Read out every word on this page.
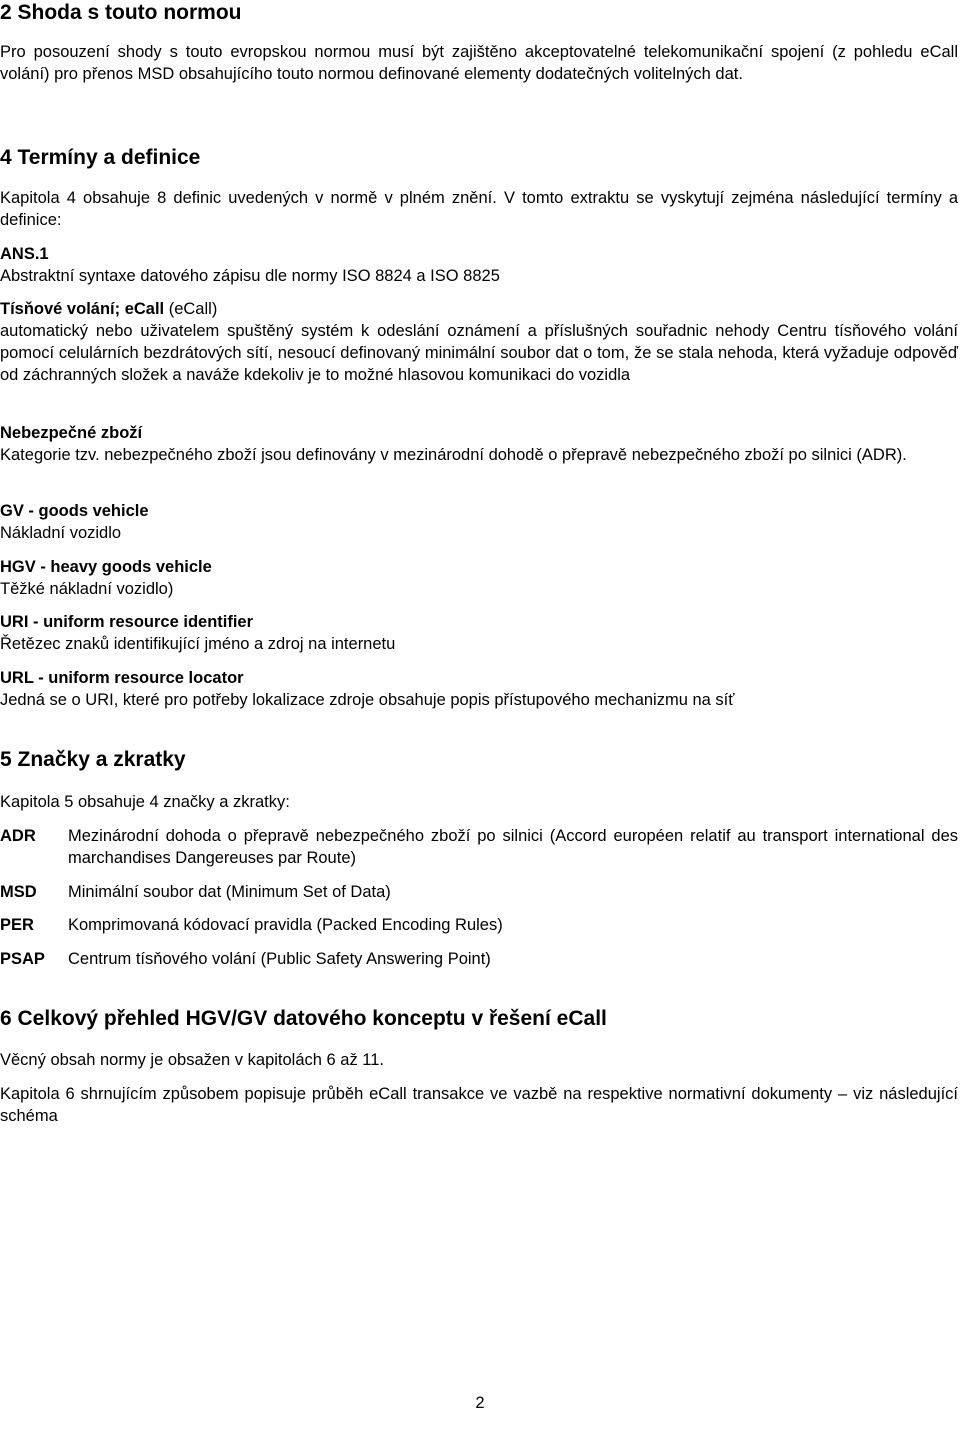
2 Shoda s touto normou

Pro posouzení shody s touto evropskou normou musí být zajištěno akceptovatelné telekomunikační spojení (z pohledu eCall volání) pro přenos MSD obsahujícího touto normou definované elementy dodatečných volitelných dat.

4 Termíny a definice

Kapitola 4 obsahuje 8 definic uvedených v normě v plném znění. V tomto extraktu se vyskytují zejména následující termíny a definice:

ANS.1
Abstraktní syntaxe datového zápisu dle normy ISO 8824 a ISO 8825
Tísňové volání; eCall (eCall)
automatický nebo uživatelem spuštěný systém k odeslání oznámení a příslušných souřadnic nehody Centru tísňového volání pomocí celulárních bezdrátových sítí, nesoucí definovaný minimální soubor dat o tom, že se stala nehoda, která vyžaduje odpověď od záchranných složek a naváže kdekoliv je to možné hlasovou komunikaci do vozidla
Nebezpečné zboží
Kategorie tzv. nebezpečného zboží jsou definovány v mezinárodní dohodě o přepravě nebezpečného zboží po silnici (ADR).
GV - goods vehicle
Nákladní vozidlo
HGV - heavy goods vehicle
Těžké nákladní vozidlo)
URI - uniform resource identifier
Řetězec znaků identifikující jméno a zdroj na internetu
URL - uniform resource locator
Jedná se o URI, které pro potřeby lokalizace zdroje obsahuje popis přístupového mechanizmu na síť
5 Značky a zkratky

Kapitola 5 obsahuje 4 značky a zkratky:

ADR	Mezinárodní dohoda o přepravě nebezpečného zboží po silnici (Accord européen relatif au transport international des marchandises Dangereuses par Route)
MSD	Minimální soubor dat (Minimum Set of Data)
PER	Komprimovaná kódovací pravidla (Packed Encoding Rules)
PSAP	Centrum tísňového volání (Public Safety Answering Point)
6 Celkový přehled HGV/GV datového konceptu v řešení eCall

Věcný obsah normy je obsažen v kapitolách 6 až 11.

Kapitola 6 shrnujícím způsobem popisuje průběh eCall transakce ve vazbě na respektive normativní dokumenty – viz následující schéma

2
